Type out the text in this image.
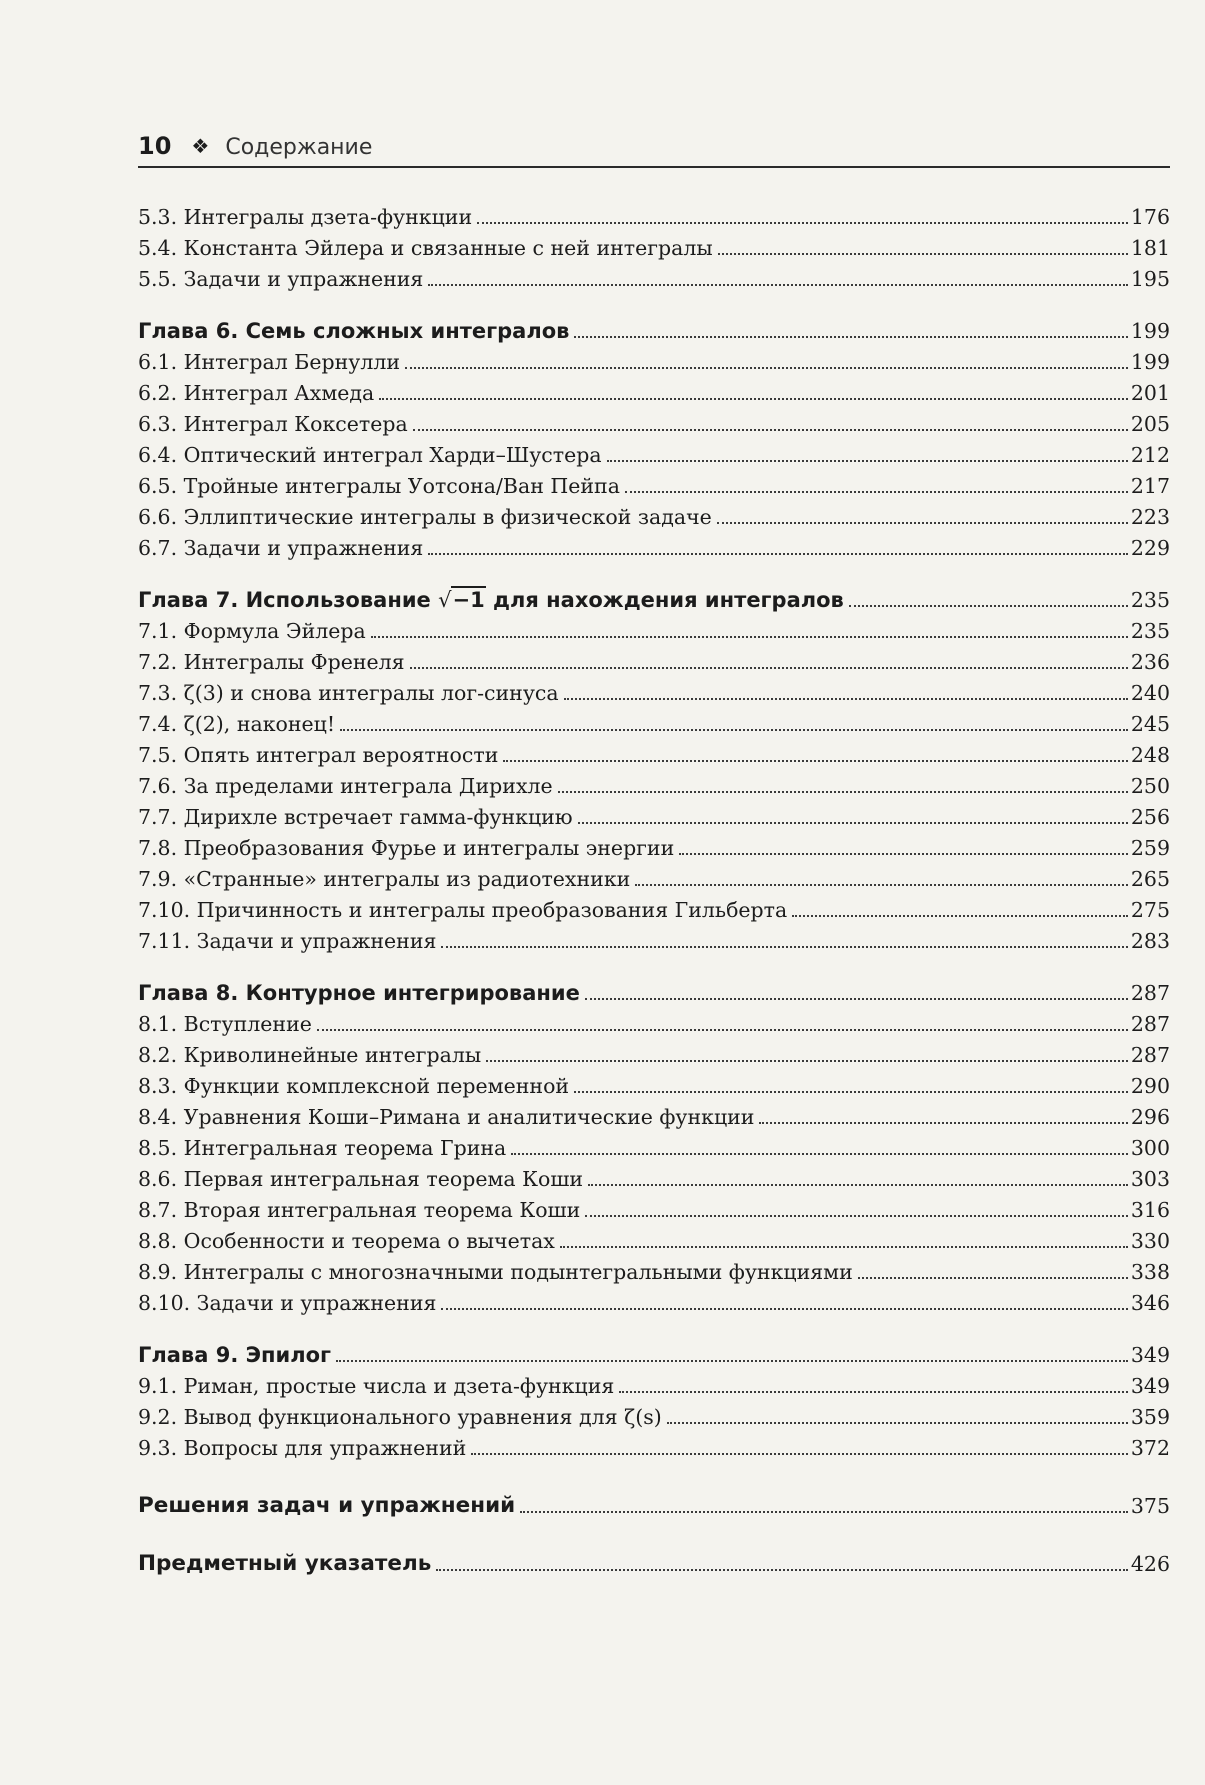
10 ❖ Содержание
5.3. Интегралы дзета-функции	176
5.4. Константа Эйлера и связанные с ней интегралы	181
5.5. Задачи и упражнения	195
Глава 6. Семь сложных интегралов	199
6.1. Интеграл Бернулли	199
6.2. Интеграл Ахмеда	201
6.3. Интеграл Коксетера	205
6.4. Оптический интеграл Харди–Шустера	212
6.5. Тройные интегралы Уотсона/Ван Пейпа	217
6.6. Эллиптические интегралы в физической задаче	223
6.7. Задачи и упражнения	229
Глава 7. Использование √−1 для нахождения интегралов	235
7.1. Формула Эйлера	235
7.2. Интегралы Френеля	236
7.3. ζ(3) и снова интегралы лог-синуса	240
7.4. ζ(2), наконец!	245
7.5. Опять интеграл вероятности	248
7.6. За пределами интеграла Дирихле	250
7.7. Дирихле встречает гамма-функцию	256
7.8. Преобразования Фурье и интегралы энергии	259
7.9. «Странные» интегралы из радиотехники	265
7.10. Причинность и интегралы преобразования Гильберта	275
7.11. Задачи и упражнения	283
Глава 8. Контурное интегрирование	287
8.1. Вступление	287
8.2. Криволинейные интегралы	287
8.3. Функции комплексной переменной	290
8.4. Уравнения Коши–Римана и аналитические функции	296
8.5. Интегральная теорема Грина	300
8.6. Первая интегральная теорема Коши	303
8.7. Вторая интегральная теорема Коши	316
8.8. Особенности и теорема о вычетах	330
8.9. Интегралы с многозначными подынтегральными функциями	338
8.10. Задачи и упражнения	346
Глава 9. Эпилог	349
9.1. Риман, простые числа и дзета-функция	349
9.2. Вывод функционального уравнения для ζ(s)	359
9.3. Вопросы для упражнений	372
Решения задач и упражнений	375
Предметный указатель	426
